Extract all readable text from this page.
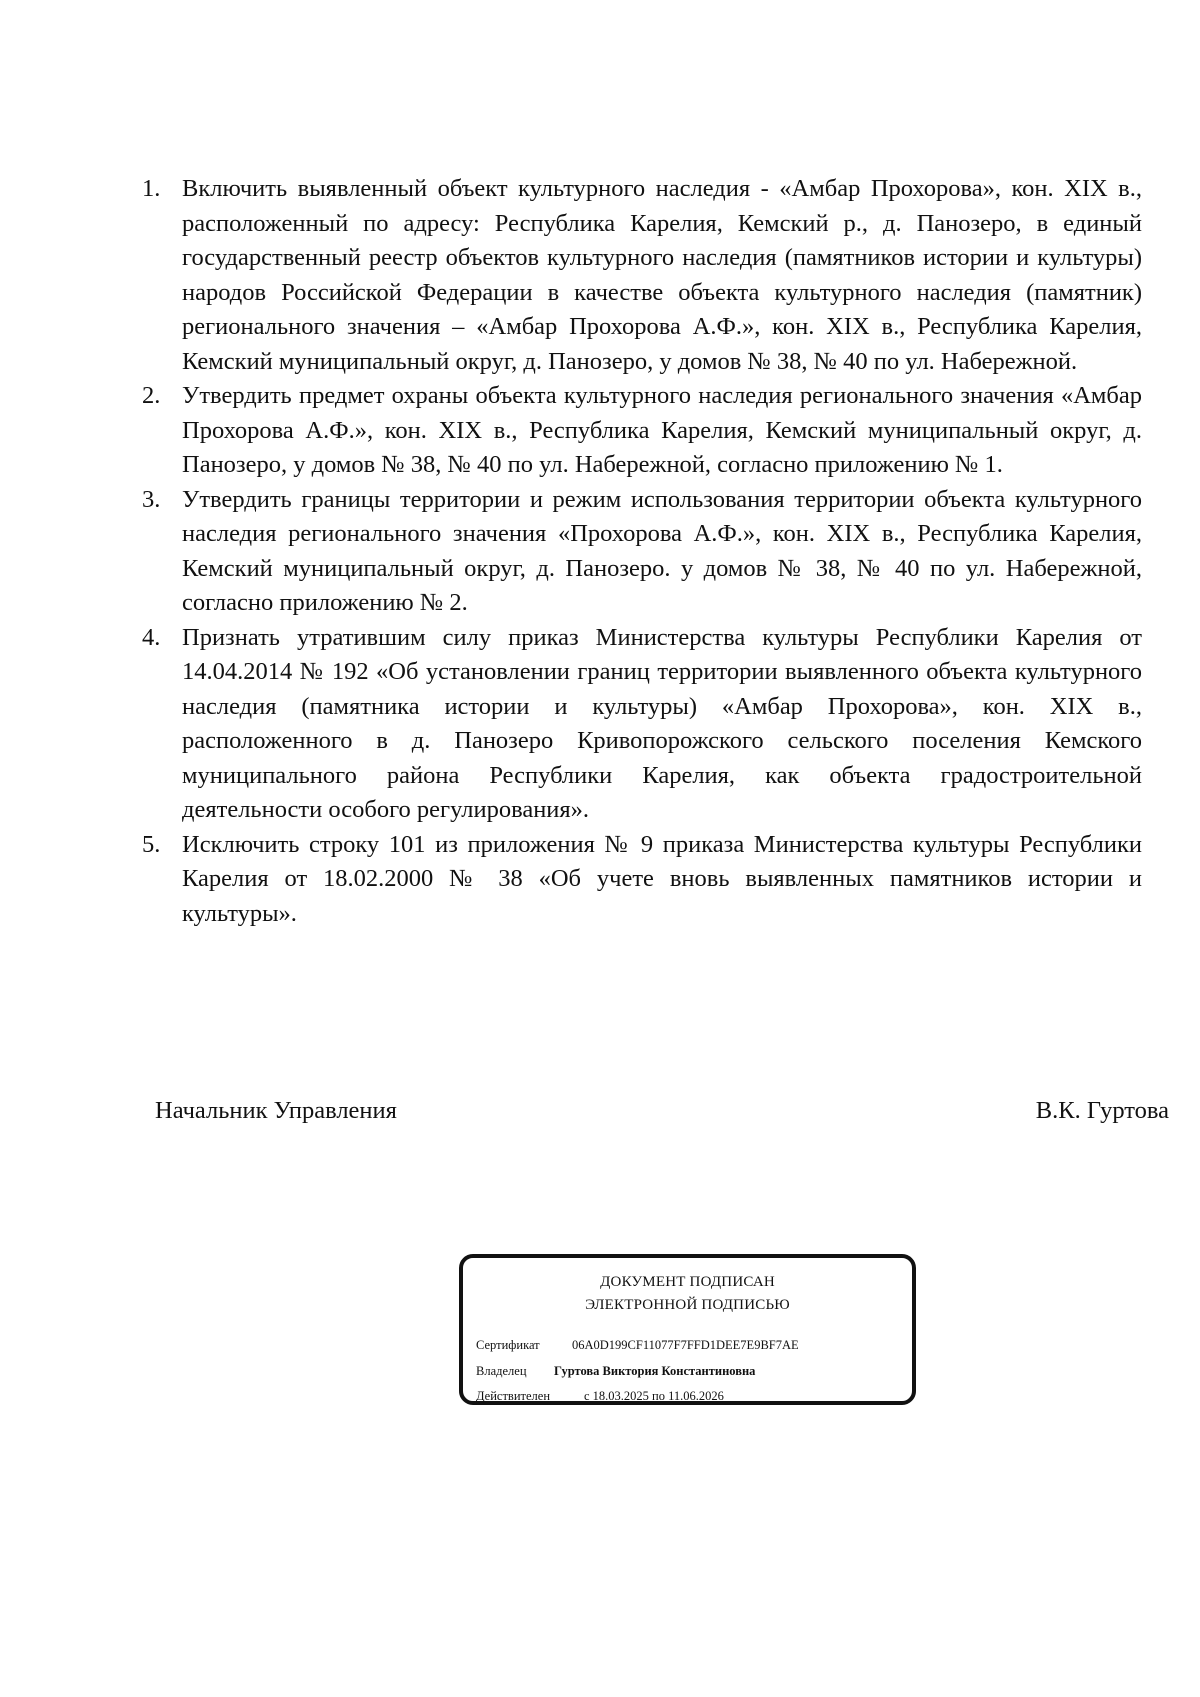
1. Включить выявленный объект культурного наследия - «Амбар Прохорова», кон. XIX в., расположенный по адресу: Республика Карелия, Кемский р., д. Панозеро, в единый государственный реестр объектов культурного наследия (памятников истории и культуры) народов Российской Федерации в качестве объекта культурного наследия (памятник) регионального значения – «Амбар Прохорова А.Ф.», кон. XIX в., Республика Карелия, Кемский муниципальный округ, д. Панозеро, у домов № 38, № 40 по ул. Набережной.
2. Утвердить предмет охраны объекта культурного наследия регионального значения «Амбар Прохорова А.Ф.», кон. XIX в., Республика Карелия, Кемский муниципальный округ, д. Панозеро, у домов № 38, № 40 по ул. Набережной, согласно приложению № 1.
3. Утвердить границы территории и режим использования территории объекта культурного наследия регионального значения «Прохорова А.Ф.», кон. XIX в., Республика Карелия, Кемский муниципальный округ, д. Панозеро. у домов № 38, № 40 по ул. Набережной, согласно приложению № 2.
4. Признать утратившим силу приказ Министерства культуры Республики Карелия от 14.04.2014 № 192 «Об установлении границ территории выявленного объекта культурного наследия (памятника истории и культуры) «Амбар Прохорова», кон. XIX в., расположенного в д. Панозеро Кривопорожского сельского поселения Кемского муниципального района Республики Карелия, как объекта градостроительной деятельности особого регулирования».
5. Исключить строку 101 из приложения № 9 приказа Министерства культуры Республики Карелия от 18.02.2000 № 38 «Об учете вновь выявленных памятников истории и культуры».
Начальник Управления	В.К. Гуртова
ДОКУМЕНТ ПОДПИСАН
ЭЛЕКТРОННОЙ ПОДПИСЬЮ
Сертификат	06A0D199CF11077F7FFD1DEE7E9BF7AE
Владелец Гуртова Виктория Константиновна
Действителен	с 18.03.2025 по 11.06.2026
